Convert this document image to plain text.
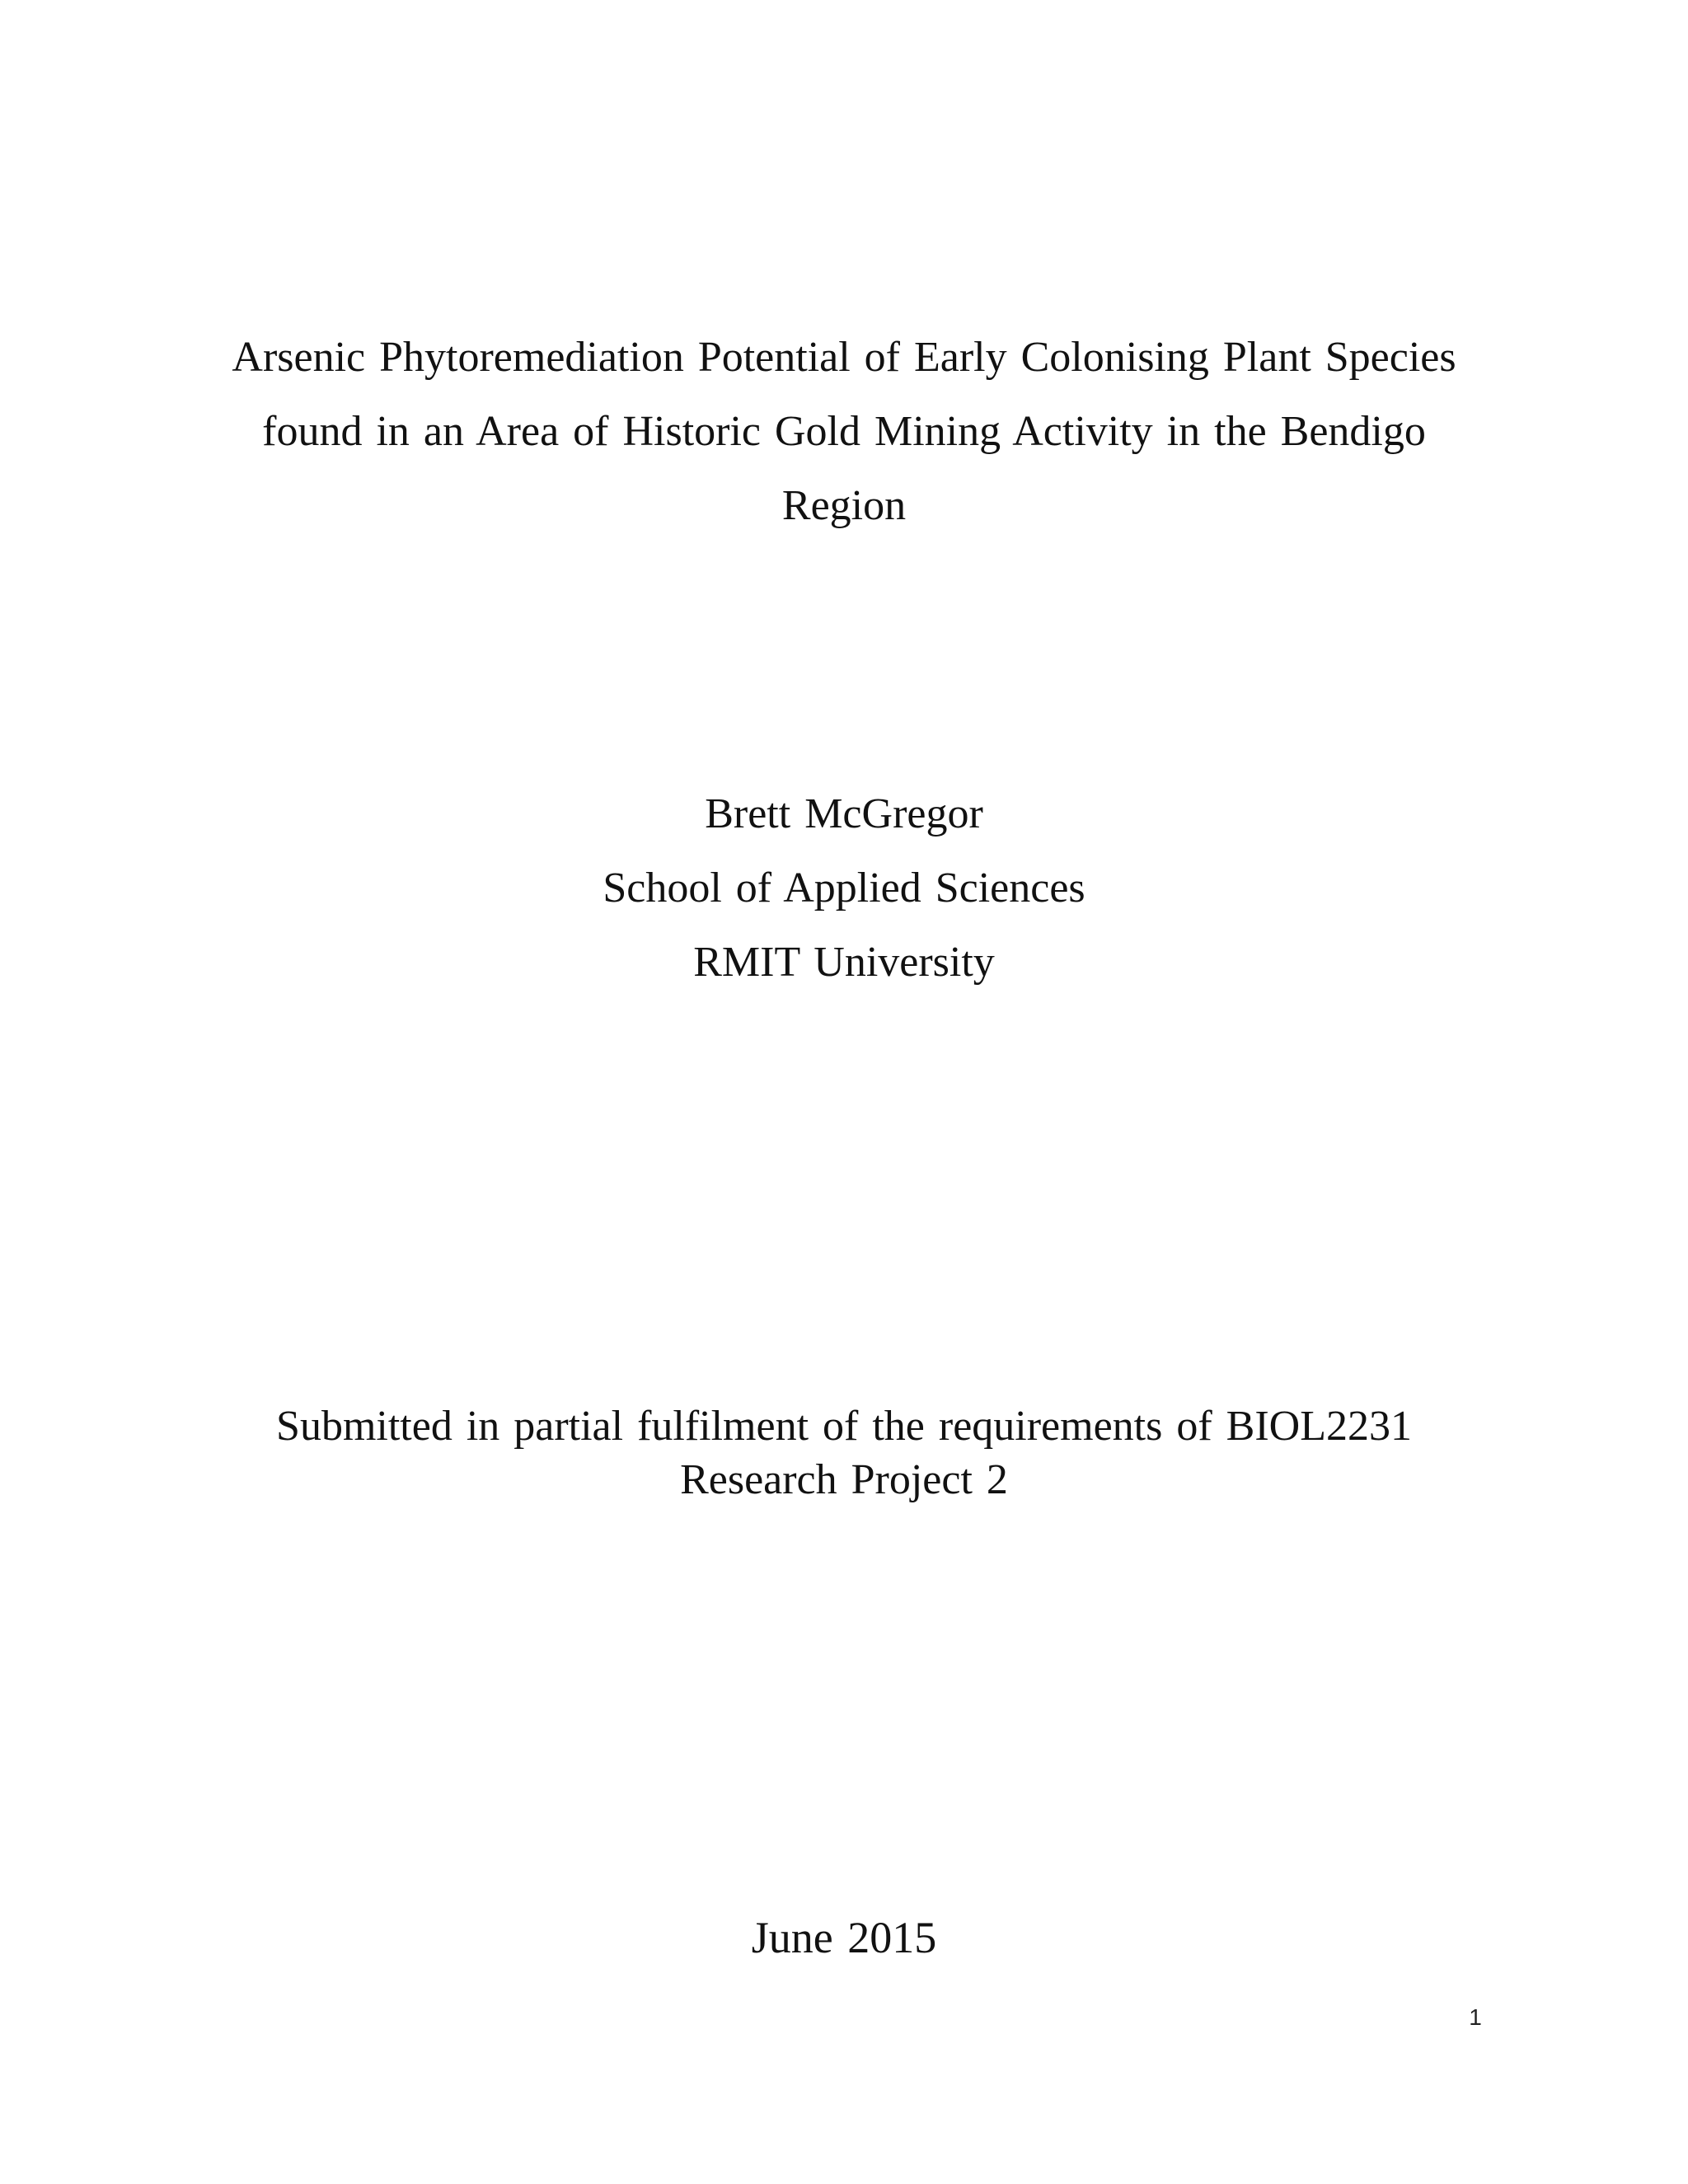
Arsenic Phytoremediation Potential of Early Colonising Plant Species
found in an Area of Historic Gold Mining Activity in the Bendigo
Region
Brett McGregor
School of Applied Sciences
RMIT University
Submitted in partial fulfilment of the requirements of BIOL2231
Research Project 2
June 2015
1
